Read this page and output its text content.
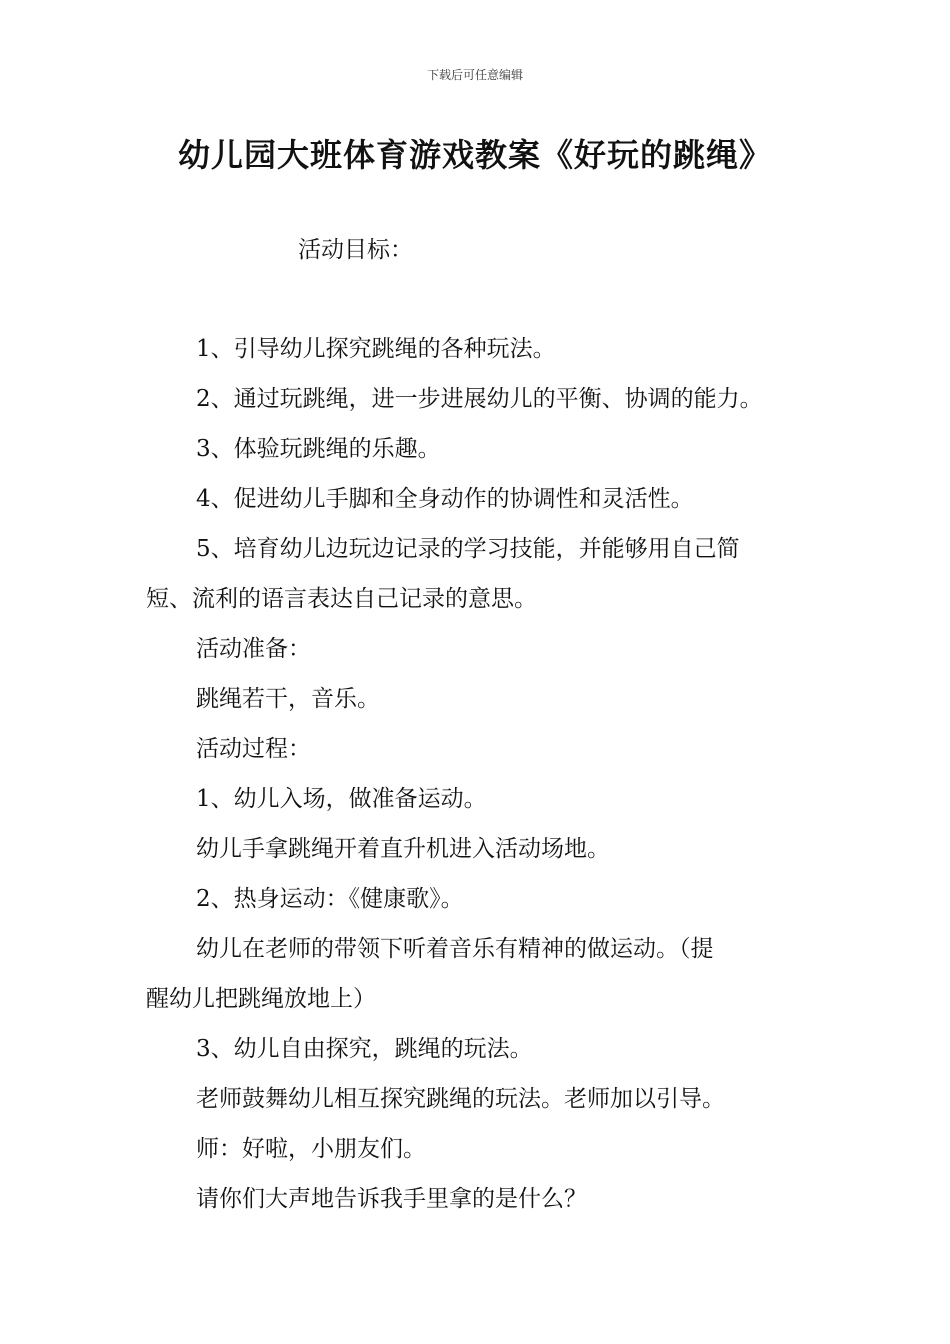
下载后可任意编辑
幼儿园大班体育游戏教案《好玩的跳绳》

活动目标：

1、引导幼儿探究跳绳的各种玩法。

2、通过玩跳绳，进一步进展幼儿的平衡、协调的能力。

3、体验玩跳绳的乐趣。

4、促进幼儿手脚和全身动作的协调性和灵活性。

5、培育幼儿边玩边记录的学习技能，并能够用自己简

短、流利的语言表达自己记录的意思。

活动准备：

跳绳若干，音乐。

活动过程：

1、幼儿入场，做准备运动。

幼儿手拿跳绳开着直升机进入活动场地。

2、热身运动：《健康歌》。

幼儿在老师的带领下听着音乐有精神的做运动。（提

醒幼儿把跳绳放地上）

3、幼儿自由探究，跳绳的玩法。

老师鼓舞幼儿相互探究跳绳的玩法。老师加以引导。

师：好啦，小朋友们。

请你们大声地告诉我手里拿的是什么？
